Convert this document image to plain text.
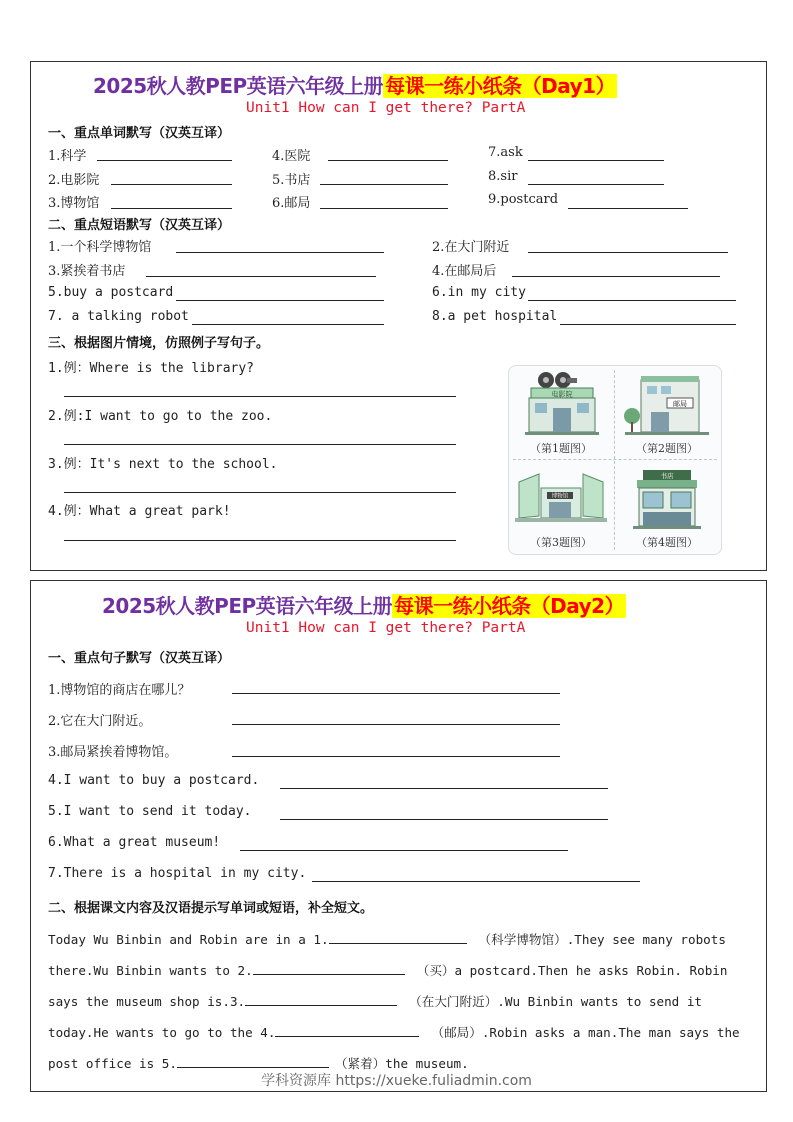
2025秋人教PEP英语六年级上册 每课一练小纸条（Day1）
Unit1 How can I get there? PartA
一、重点单词默写（汉英互译）
1.科学	4.医院	7.ask
2.电影院	5.书店	8.sir
3.博物馆	6.邮局	9.postcard
二、重点短语默写（汉英互译）
1.一个科学博物馆	2.在大门附近
3.紧挨着书店	4.在邮局后
5.buy a postcard	6.in my city
7. a talking robot	8.a pet hospital
三、根据图片情境，仿照例子写句子。
1.例：Where is the library?
2.例:I want to go to the zoo.
3.例：It's next to the school.
4.例：What a great park!
电影院
（第1题图）
邮局
（第2题图）
博物馆
（第3题图）
书店
（第4题图）
2025秋人教PEP英语六年级上册 每课一练小纸条（Day2）
Unit1 How can I get there? PartA
一、重点句子默写（汉英互译）
1.博物馆的商店在哪儿？
2.它在大门附近。
3.邮局紧挨着博物馆。
4.I want to buy a postcard.
5.I want to send it today.
6.What a great museum!
7.There is a hospital in my city.
二、根据课文内容及汉语提示写单词或短语，补全短文。
Today Wu Binbin and Robin are in a 1.	（科学博物馆）.They see many robots
there.Wu Binbin wants to 2.	（买）a postcard.Then he asks Robin. Robin
says the museum shop is.3.	（在大门附近）.Wu Binbin wants to send it
today.He wants to go to the 4.	（邮局）.Robin asks a man.The man says the
post office is 5.	（紧着）the museum.
学科资源库 https://xueke.fuliadmin.com
